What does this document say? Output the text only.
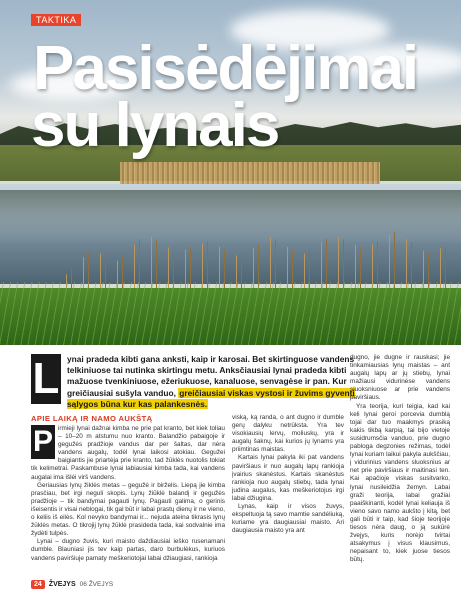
TAKTIKA
Pasisėdėjimai
su lynais
L ynai pradeda kibti gana anksti, kaip ir karosai. Bet skirtinguose vandens telkiniuose tai nutinka skirtingu metu. Anksčiausiai lynai pradeda kibti mažuose tvenkiniuose, ežeriukuose, kanaluose, senvagėse ir pan. Kur greičiausiai sušyla vanduo, greičiausiai viskas vystosi ir žuvims gyventi sąlygos būna kur kas palankesnės.
APIE LAIKĄ IR NAMO AUKŠTĄ

irmieji lynai dažnai kimba ne prie pat kranto, bet kiek toliau – 10–20 m atstumu nuo kranto. Balandžio pabaigoje ir gegužės pradžioje vandus dar per šaltas, dar nėra vandens augalų, todėl lynai laikosi atokiau. Gegužei baigiantis jie priartėja prie kranto, tad žūklės nuotolis tokiat tik kelimetrai. Paskambuse lynai labiausiai kimba tada, kai vandens augalai ima išlėi virš vandens.

Geriausias lynų žiklės metas – gegužė ir birželis. Liepą jie kimba prasčiau, bet irgi neguli skopis. Lynų žiūklė balandį ir gegužės pradžioje – tik bandymai pagauti lynų. Pagauti galima, o gerinis išeisentis ir visai neblogai, tik gal būt ir labai prastų dienų ir ne vieno, o keliis iš eilės. Kol nevyko bandymai ir... nejuda ateina tikrasis lynų žūklės metas. O tikrojij lynų žūklė prasideda tada, kai sodvalnie ima žydėti tulpės.

Lynai – dugno žuvis, kuri maisto daždiausiai ieško rusenamani dumble. Blauniasi jis tev kaip partas, daro burbulėkus, kuriuos vandens paviršiuje pamaty meškeriotojai labai džiaugiasi, rankioja

P

viską, ką randa, o ant dugno ir dumble gerų dalyku netrūksta. Yra tev visokiausių lervų, moliuskų, yra ir augalų šaknų, kai kurios jų lynams yra priimtinas maistas.

Kartais lynai pakyla iki pat vandens paviršiaus ir nuo augalų lapų rankioja įvairius skanėstus. Kartais skanėstus rankioja nuo augalų stiebų, tada lynai judina augalus, kas meškeriotojus irgi labai džiugina.

Lynas, kaip ir visos žuvys, ekspeltuoja tą savo mamtie sandėliuką, kuriame yra daugiausiai maisto. Ari daugiausia maisto yra ant

dugno, jie dugne ir rauskasi; jie tinkamiausias lynų maistas – ant augalų lapų ar jų stiebų, lynai mažiausi vidurinėse vandens sluoksniuose ar prie vandens paviršiaus.

Yra teorija, kuri teigia, kad kai keli lynai geroi porcevia dumblą tojai dar tuo maakmys prasiką kakis tikbą karpią, tai bijo vietoje susidrumsčia vanduo, prie dugno pabloga degzonies režimas, todėl lynai kuriam laikui pakyla aukščiau, į vidurinius vandens sluoksnius ar net prie paviršiaus ir maitinasi ten. Kai apačioje viskas susitvarko, lynai nusileidžia žemyn. Labai graži teorija, labai gražiai paaiškinanti, kodėl lynai keliauja iš vieno savo namo aukšto į kitą, bet gali būti ir taip, kad šioje teorijoje tiesos nėra daug, o ją sukūrė žvejys, kuris norėjo tvirtai atsakymus į visus klausimus, nepaisant to, kiek juose tiesos būtų.

24	ŽVEJYS 06 ŽVEJYS
